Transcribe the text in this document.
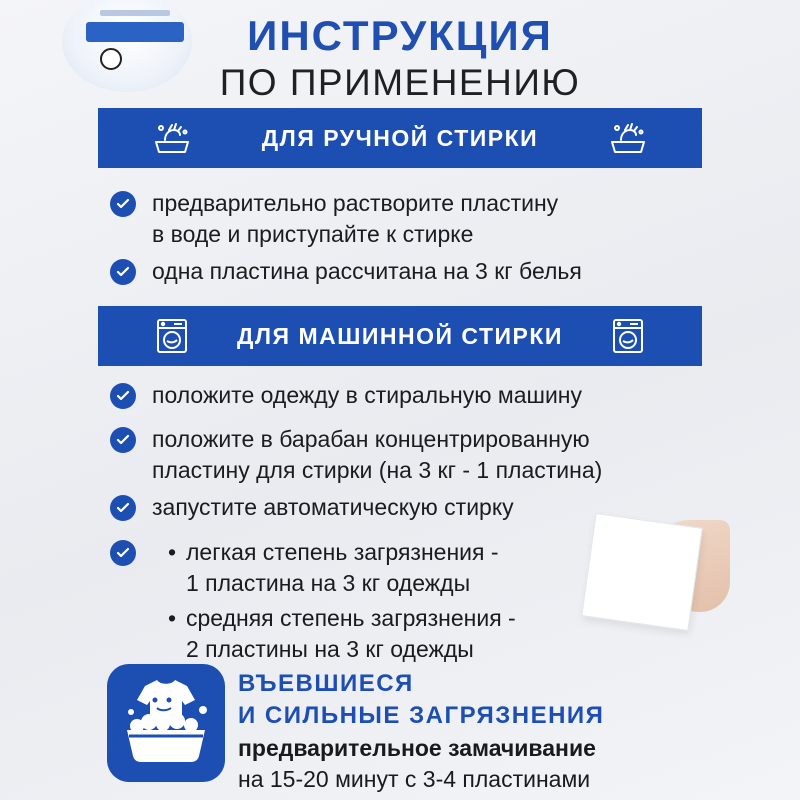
ИНСТРУКЦИЯ
ПО ПРИМЕНЕНИЮ
ДЛЯ РУЧНОЙ СТИРКИ
предварительно растворите пластину
в воде и приступайте к стирке
одна пластина рассчитана на 3 кг белья
ДЛЯ МАШИННОЙ СТИРКИ
положите одежду в стиральную машину
положите в барабан концентрированную
пластину для стирки (на 3 кг - 1 пластина)
запустите автоматическую стирку
• легкая степень загрязнения -
1 пластина на 3 кг одежды
• средняя степень загрязнения -
2 пластины на 3 кг одежды
ВЪЕВШИЕСЯ
И СИЛЬНЫЕ ЗАГРЯЗНЕНИЯ
предварительное замачивание
на 15-20 минут с 3-4 пластинами
